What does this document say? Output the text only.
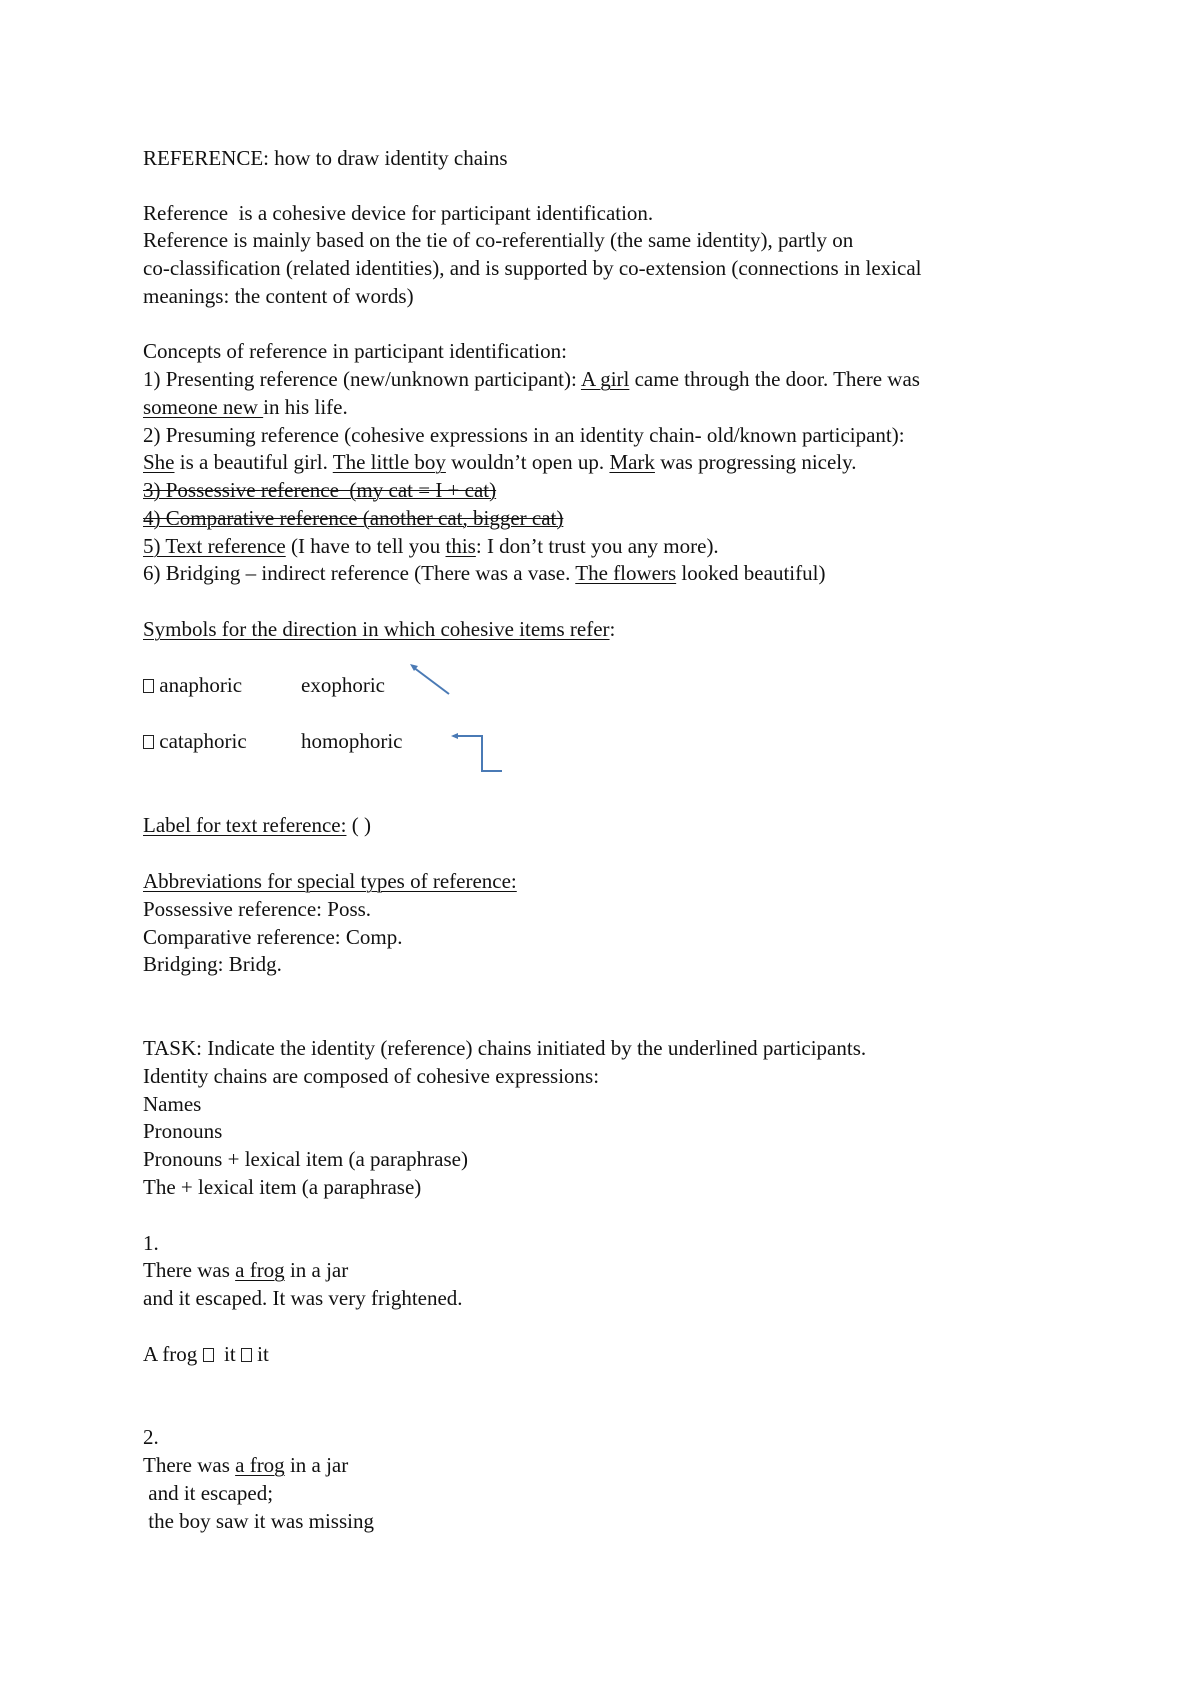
REFERENCE: how to draw identity chains
Reference  is a cohesive device for participant identification.
Reference is mainly based on the tie of co-referentially (the same identity), partly on
co-classification (related identities), and is supported by co-extension (connections in lexical
meanings: the content of words)
Concepts of reference in participant identification:
1) Presenting reference (new/unknown participant): A girl came through the door. There was
someone new in his life.
2) Presuming reference (cohesive expressions in an identity chain- old/known participant):
She is a beautiful girl. The little boy wouldn’t open up. Mark was progressing nicely.
3) Possessive reference  (my cat = I + cat)
4) Comparative reference (another cat, bigger cat)
5) Text reference (I have to tell you this: I don’t trust you any more).
6) Bridging – indirect reference (There was a vase. The flowers looked beautiful)
Symbols for the direction in which cohesive items refer:
anaphoric	exophoric
cataphoric	homophoric
Label for text reference: ( )
Abbreviations for special types of reference:
Possessive reference: Poss.
Comparative reference: Comp.
Bridging: Bridg.
TASK: Indicate the identity (reference) chains initiated by the underlined participants.
Identity chains are composed of cohesive expressions:
Names
Pronouns
Pronouns + lexical item (a paraphrase)
The + lexical item (a paraphrase)
1.
There was a frog in a jar
and it escaped. It was very frightened.
A frog   it  it
2.
There was a frog in a jar
and it escaped;
the boy saw it was missing
